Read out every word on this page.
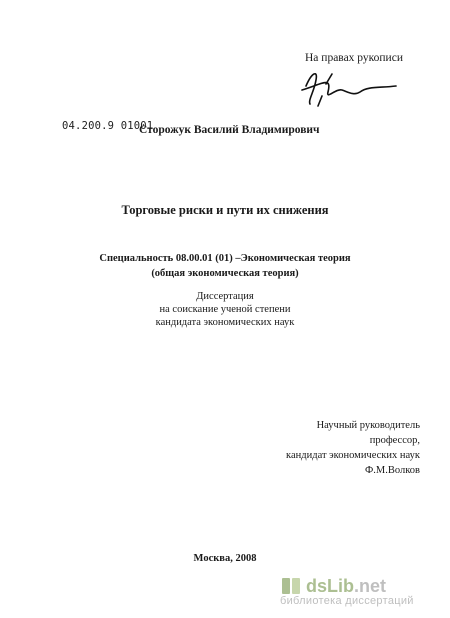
На правах рукописи
04.200.9 01001
Сторожук Василий Владимирович
Торговые риски и пути их снижения
Специальность 08.00.01 (01) –Экономическая теория
(общая экономическая теория)
Диссертация
на соискание ученой степени
кандидата экономических наук
Научный руководитель профессор,
кандидат экономических наук
Ф.М.Волков
Москва, 2008
dsLib.net
библиотека диссертаций
